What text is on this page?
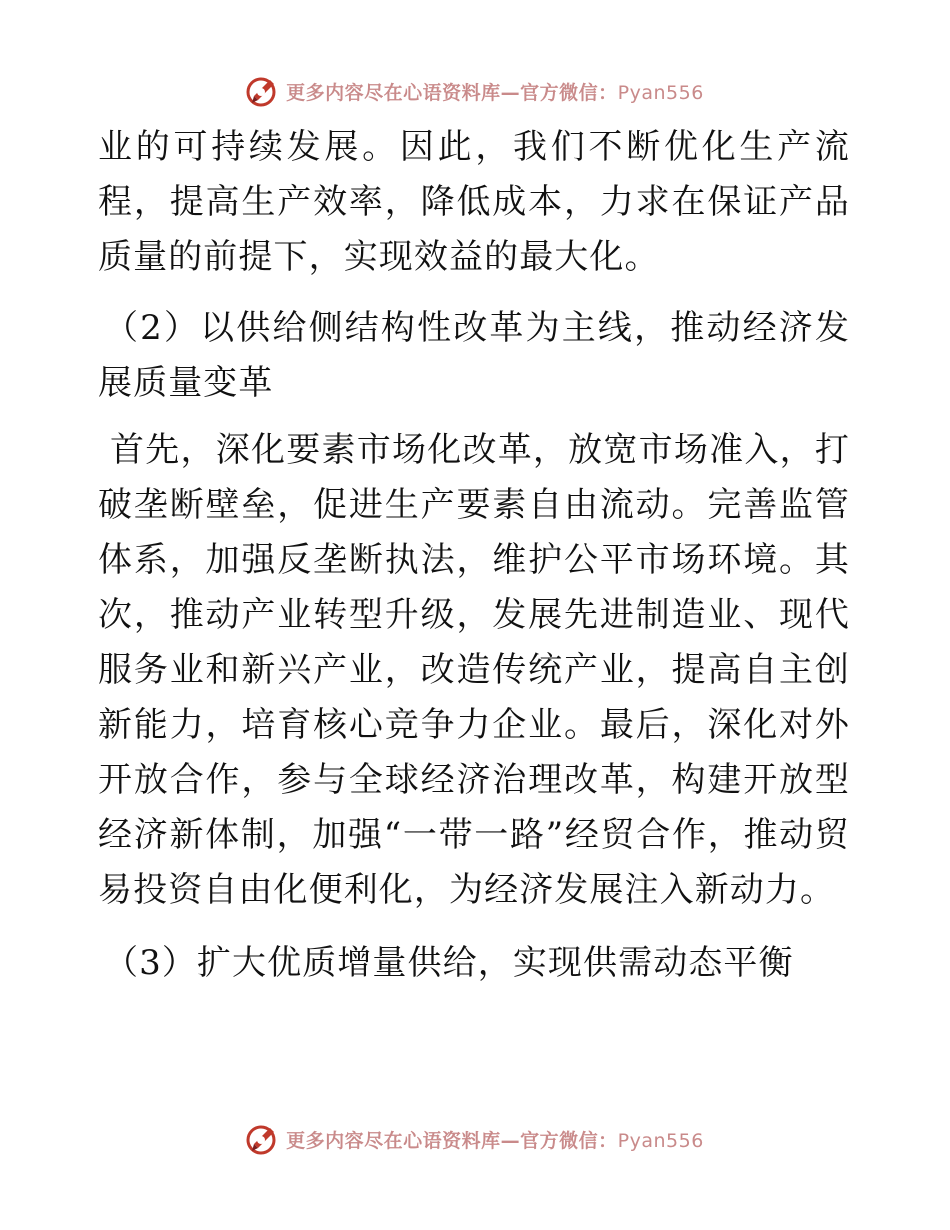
更多内容尽在心语资料库—官方微信：Pyan556

业的可持续发展。因此，我们不断优化生产流程，提高生产效率，降低成本，力求在保证产品质量的前提下，实现效益的最大化。

（2）以供给侧结构性改革为主线，推动经济发展质量变革

首先，深化要素市场化改革，放宽市场准入，打破垄断壁垒，促进生产要素自由流动。完善监管体系，加强反垄断执法，维护公平市场环境。其次，推动产业转型升级，发展先进制造业、现代服务业和新兴产业，改造传统产业，提高自主创新能力，培育核心竞争力企业。最后，深化对外开放合作，参与全球经济治理改革，构建开放型经济新体制，加强“一带一路”经贸合作，推动贸易投资自由化便利化，为经济发展注入新动力。

（3）扩大优质增量供给，实现供需动态平衡

更多内容尽在心语资料库—官方微信：Pyan556
